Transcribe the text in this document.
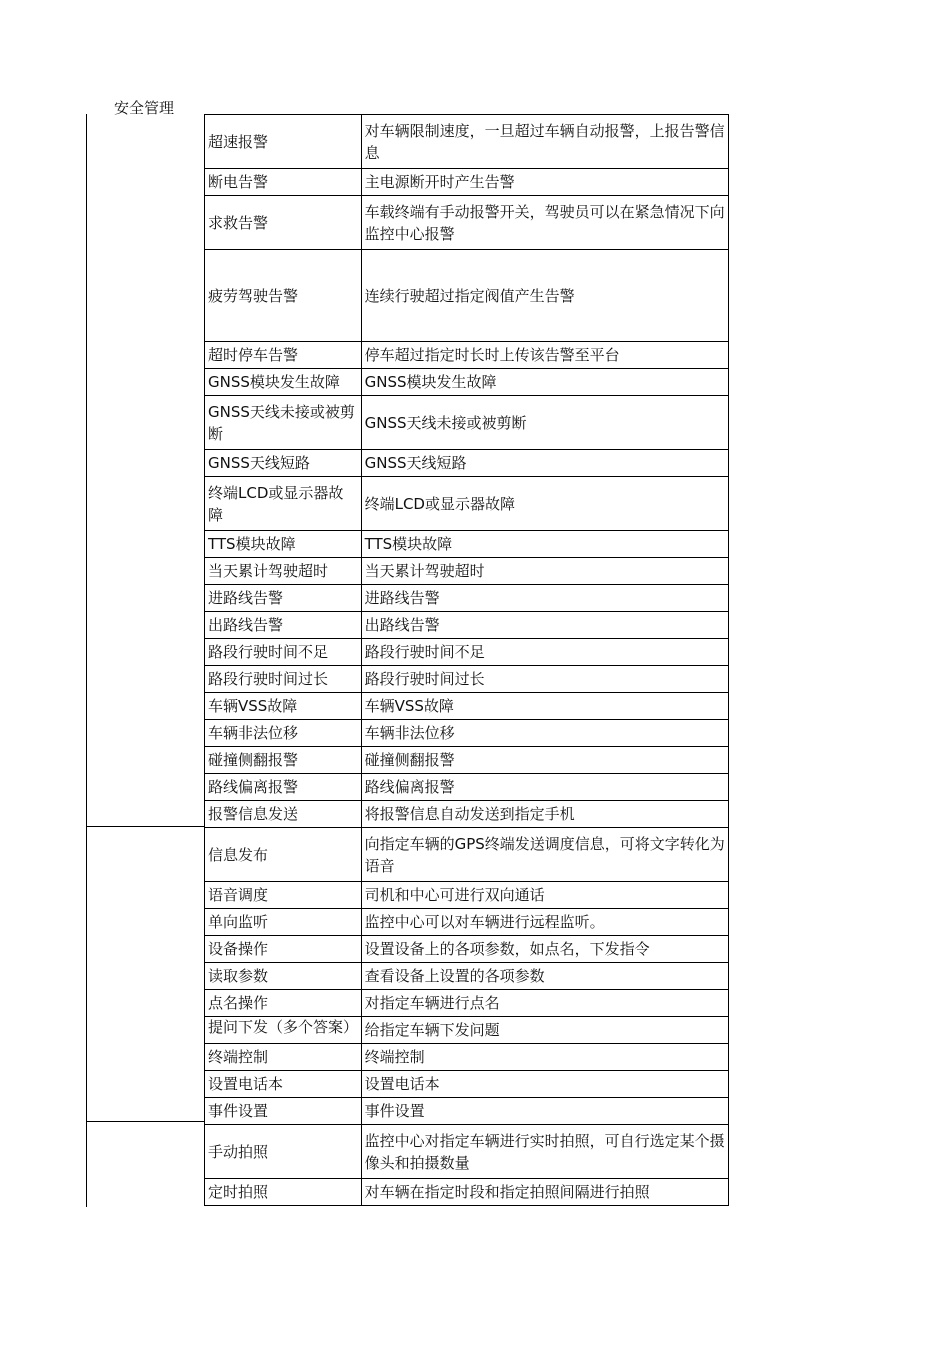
安全管理
超速报警	对车辆限制速度，一旦超过车辆自动报警，上报告警信息
断电告警	主电源断开时产生告警
求救告警	车载终端有手动报警开关，驾驶员可以在紧急情况下向监控中心报警
疲劳驾驶告警	连续行驶超过指定阀值产生告警
超时停车告警	停车超过指定时长时上传该告警至平台
GNSS模块发生故障	GNSS模块发生故障
GNSS天线未接或被剪断	GNSS天线未接或被剪断
GNSS天线短路	GNSS天线短路
终端LCD或显示器故障	终端LCD或显示器故障
TTS模块故障	TTS模块故障
当天累计驾驶超时	当天累计驾驶超时
进路线告警	进路线告警
出路线告警	出路线告警
路段行驶时间不足	路段行驶时间不足
路段行驶时间过长	路段行驶时间过长
车辆VSS故障	车辆VSS故障
车辆非法位移	车辆非法位移
碰撞侧翻报警	碰撞侧翻报警
路线偏离报警	路线偏离报警
报警信息发送	将报警信息自动发送到指定手机
信息发布	向指定车辆的GPS终端发送调度信息，可将文字转化为语音
语音调度	司机和中心可进行双向通话
单向监听	监控中心可以对车辆进行远程监听。
设备操作	设置设备上的各项参数，如点名，下发指令
读取参数	查看设备上设置的各项参数
点名操作	对指定车辆进行点名
提问下发（多个答案）	给指定车辆下发问题
终端控制	终端控制
设置电话本	设置电话本
事件设置	事件设置
手动拍照	监控中心对指定车辆进行实时拍照，可自行选定某个摄像头和拍摄数量
定时拍照	对车辆在指定时段和指定拍照间隔进行拍照
